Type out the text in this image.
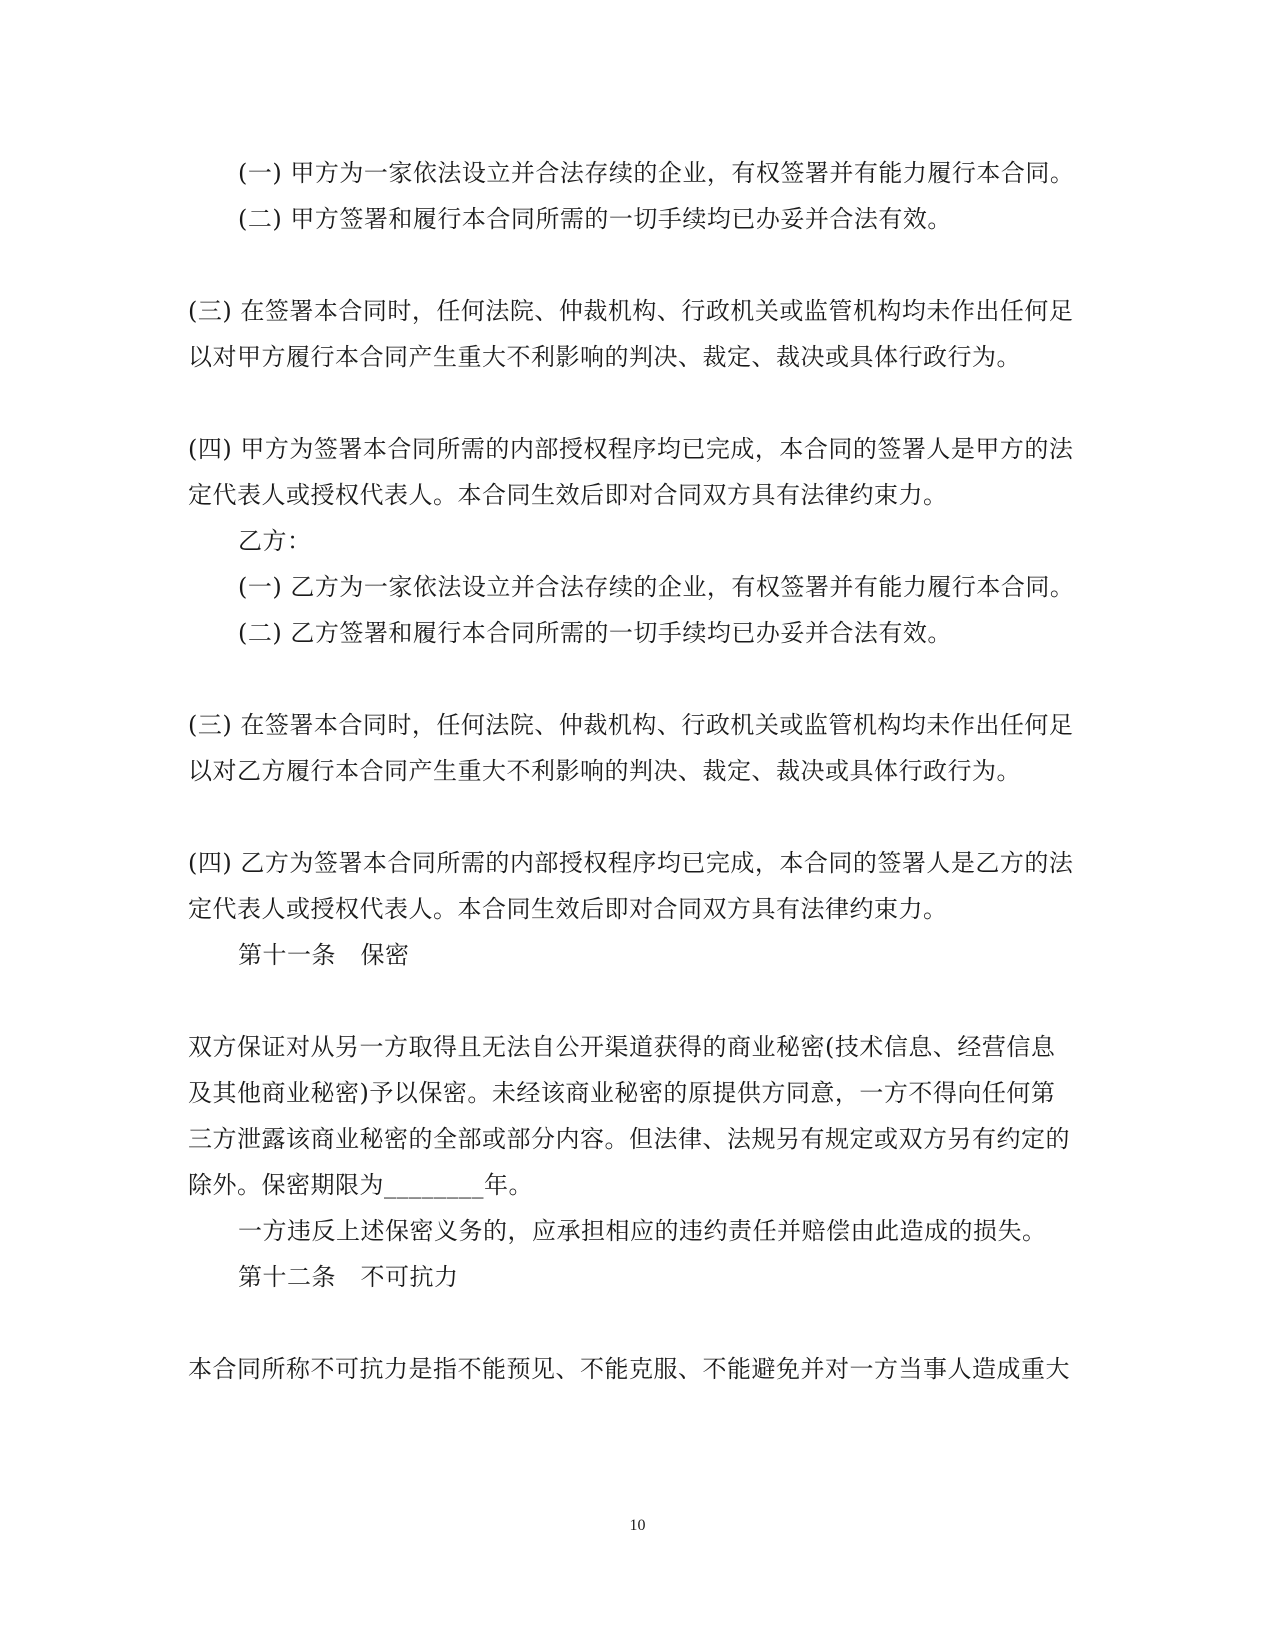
(一) 甲方为一家依法设立并合法存续的企业，有权签署并有能力履行本合同。
(二) 甲方签署和履行本合同所需的一切手续均已办妥并合法有效。
(三) 在签署本合同时，任何法院、仲裁机构、行政机关或监管机构均未作出任何足
以对甲方履行本合同产生重大不利影响的判决、裁定、裁决或具体行政行为。
(四) 甲方为签署本合同所需的内部授权程序均已完成，本合同的签署人是甲方的法
定代表人或授权代表人。本合同生效后即对合同双方具有法律约束力。
乙方：
(一) 乙方为一家依法设立并合法存续的企业，有权签署并有能力履行本合同。
(二) 乙方签署和履行本合同所需的一切手续均已办妥并合法有效。
(三) 在签署本合同时，任何法院、仲裁机构、行政机关或监管机构均未作出任何足
以对乙方履行本合同产生重大不利影响的判决、裁定、裁决或具体行政行为。
(四) 乙方为签署本合同所需的内部授权程序均已完成，本合同的签署人是乙方的法
定代表人或授权代表人。本合同生效后即对合同双方具有法律约束力。
第十一条　保密
双方保证对从另一方取得且无法自公开渠道获得的商业秘密(技术信息、经营信息
及其他商业秘密)予以保密。未经该商业秘密的原提供方同意，一方不得向任何第
三方泄露该商业秘密的全部或部分内容。但法律、法规另有规定或双方另有约定的
除外。保密期限为________年。
一方违反上述保密义务的，应承担相应的违约责任并赔偿由此造成的损失。
第十二条　不可抗力
本合同所称不可抗力是指不能预见、不能克服、不能避免并对一方当事人造成重大
10
